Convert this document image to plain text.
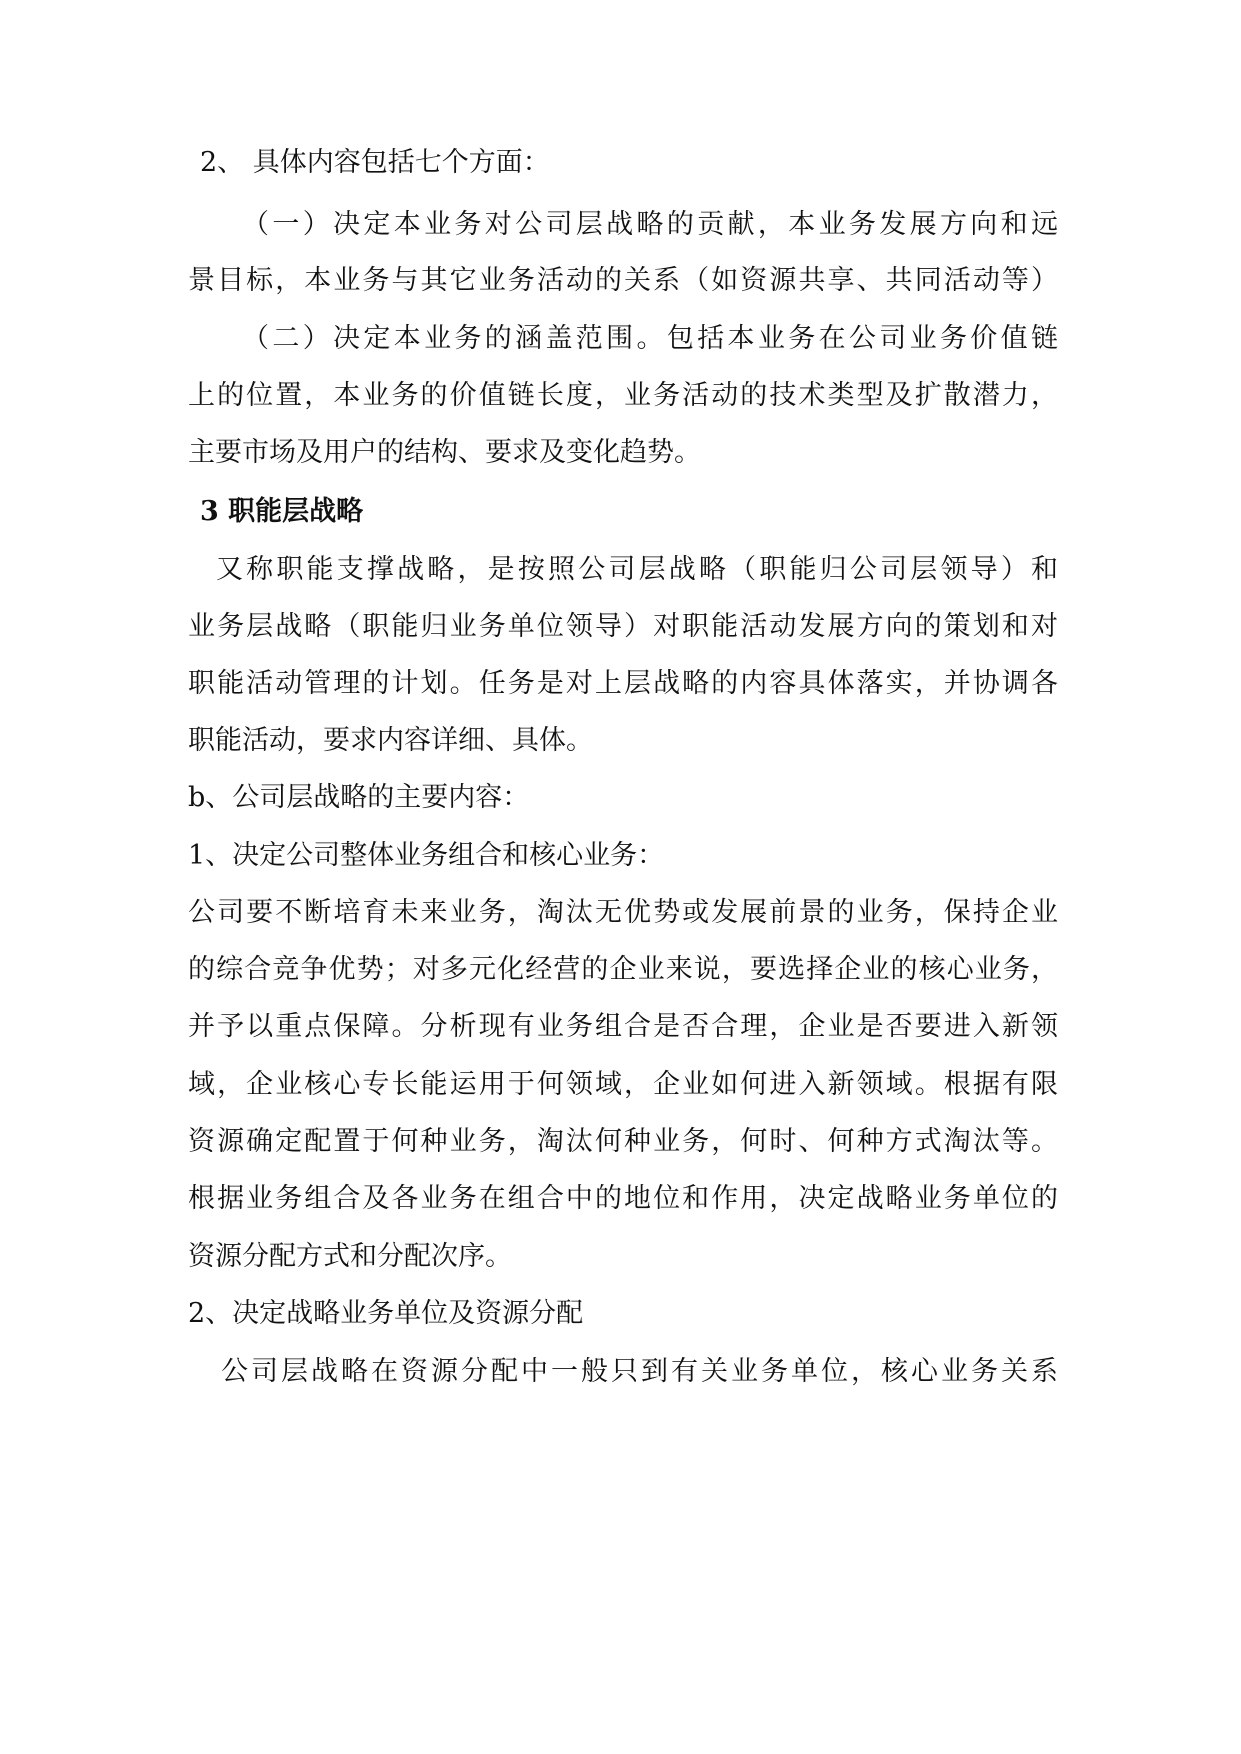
2、 具体内容包括七个方面：
（一）决定本业务对公司层战略的贡献，本业务发展方向和远
景目标，本业务与其它业务活动的关系（如资源共享、共同活动等）
（二）决定本业务的涵盖范围。包括本业务在公司业务价值链
上的位置，本业务的价值链长度，业务活动的技术类型及扩散潜力，
主要市场及用户的结构、要求及变化趋势。
3 职能层战略
又称职能支撑战略，是按照公司层战略（职能归公司层领导）和
业务层战略（职能归业务单位领导）对职能活动发展方向的策划和对
职能活动管理的计划。任务是对上层战略的内容具体落实，并协调各
职能活动，要求内容详细、具体。
b、公司层战略的主要内容：
1、决定公司整体业务组合和核心业务：
公司要不断培育未来业务，淘汰无优势或发展前景的业务，保持企业
的综合竞争优势；对多元化经营的企业来说，要选择企业的核心业务，
并予以重点保障。分析现有业务组合是否合理，企业是否要进入新领
域，企业核心专长能运用于何领域，企业如何进入新领域。根据有限
资源确定配置于何种业务，淘汰何种业务，何时、何种方式淘汰等。
根据业务组合及各业务在组合中的地位和作用，决定战略业务单位的
资源分配方式和分配次序。
2、决定战略业务单位及资源分配
公司层战略在资源分配中一般只到有关业务单位，核心业务关系
